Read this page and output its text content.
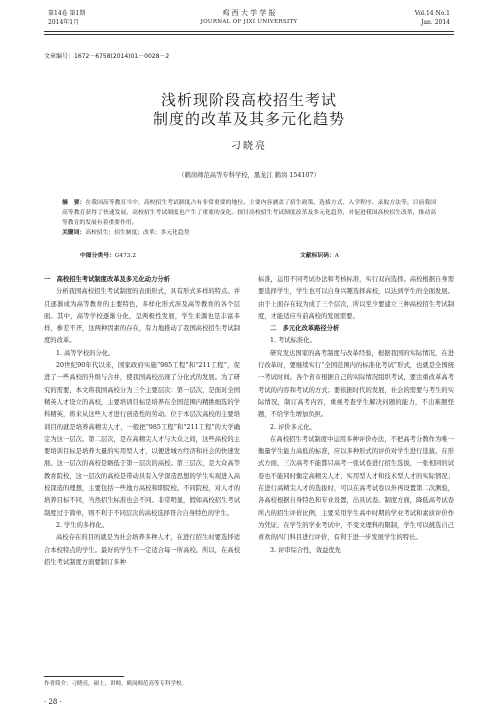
第14卷 第1期
2014年1月
鸡 西 大 学 学 报
JOURNAL OF JIXI UNIVERSITY
Vol.14 No.1
Jan. 2014
文章编号：1672－6758(2014)01－0028－2
浅析现阶段高校招生考试
制度的改革及其多元化趋势
刁晓亮
（鹤岗师范高等专科学校，黑龙江 鹤岗 154107）
摘　要：在我国高等教育当中，高校招生考试制度占有非常重要的地位。主要内容涵盖了招生政策、选拔方式、入学程序、录取方法等。目前我国高等教育获得了快速发展，高校招生考试制度也产生了重要的变化。探讨高校招生考试制度改革及多元化趋势，对促进我国高校招生改革，推动高等教育的发展有着重要作用。
关键词：高校招生；招生制度；改革；多元化趋势
中图分类号：G473.2	文献标识码：A

一　高校招生考试制度改革及多元化动力分析

分析我国高校招生考试制度的表面形式，具有形式多样的特点。并且逐渐成为高等教育的主要特色，多样化形式涉及高等教育的各个层面。其中，高等学校逐渐分化，呈两极性发展，学生来源也是丰富多样，参差不齐，这两种因素的存在，有力地推动了我国高校招生考试制度的改革。

1. 高等学校的分化。

20世纪90年代以来，国家政府实施“985工程”和“211工程”，促进了一些高校的升级与合并，使我国高校出现了分化式的发展。为了研究的需要，本文将我国高校分为三个主要层次：第一层次，是面对全国精英人才设立的高校，主要培训目标是培养在全国范围内精挑细选的学科精英，将来从这些人才进行创造性的劳动。位于本层次高校的主要培训目的就是培养高精尖人才，一般把“985工程”和“211工程”的大学确定为这一层次。第二层次，是在高精尖人才与大众之间，这些高校的主要培训目标是培养大量的实用型人才，以便进城方经济和社会的快速发展。这一层次的高校是略低于第一层次的高校。第三层次，是大众高等教育院校，这一层次的高校是带动具有入学深造思想的学生实现进入高校深造的理想，主要包括一些地方高校和职院校。不同院校，对人才的培养目标不同，当然招生标准也会不同。非常明显，假如高校招生考试制度过于简单，则不利于不同层次的高校选择符合自身特色的学生。

2. 学生的多样化。

高校存在的目的就是为社会培养多种人才，在进行招生时要选择适合本校特点的学生。最好的学生不一定适合每一所高校。所以，在高校招生考试制度方面要制订多种

标准，运用不同考试办法和考核标准，实行双向选择。高校根据自身需要选择学生，学生也可以自身兴趣选择高校，以达到学生的全面发展。由于上面存在较为成了三个层次，所以至少要建立三种高校招生考试制度，才能适应当前高校的发展需要。

二　多元化改革路径分析

1. 考试标准化。

研究发达国家的高考制度与改革经验，根据我国的实际情况，在进行改革时，要继续实行“全国范围内的标准化考试”形式，也就是全国统一考试时间。各个省市根据自己的实际情况组织考试，要注重改革高考考试的内容和考试的方式；要依据时代的发展，社会的需要与考生的实际情况，制订高考内容，重视考查学生解决问题的能力，不出难题怪题，不给学生增加负担。

2. 评价多元化。

在高校招生考试制度中运用多种评价办法，不把高考分数作为唯一衡量学生能力高低的标准，应以多种形式的评价对学生进行选拔。在形式方面，三次高考不能都只高考一张试卷进行招生选拔，一张相同的试卷也不能同时衡定高精尖人才、实用型人才和技术型人才的实际情况；在进行高精尖人才的选拔时，可以在高考试卷以外再设置第二次测验，各高校根据自身特色和专业设置，出具试卷。制度方面，降低高考试卷所占的招生评价比例，主要采用学生高中时期的学业考试和素质评价作为凭证，在学生的学业考试中，不变文理科的限制，学生可以挑选自己喜欢的四门科目进行评价，有利于进一步发展学生的特长。

3. 评审综合性，效益优先

作者简介：刁晓亮，硕士，讲师，鹤岗师范高等专科学校。
· 28 ·
